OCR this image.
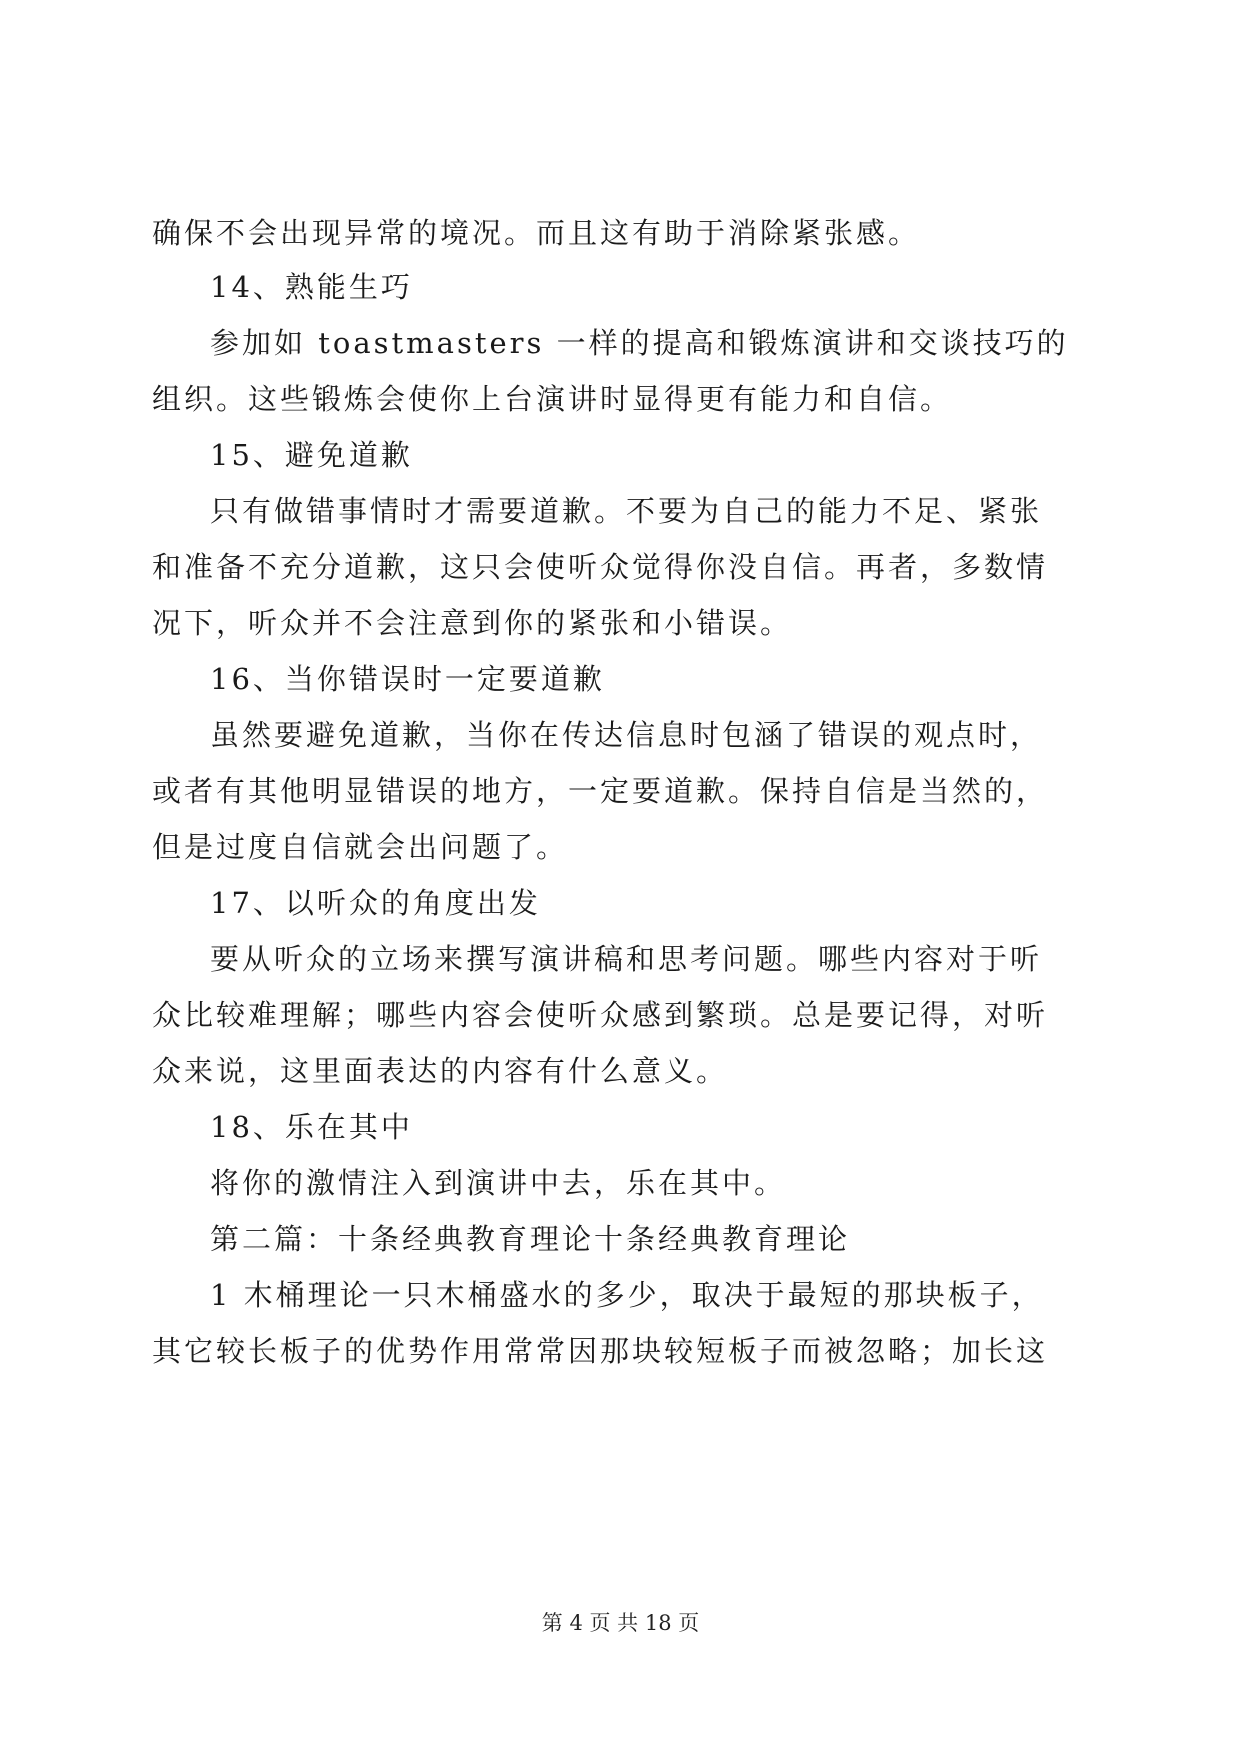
确保不会出现异常的境况。而且这有助于消除紧张感。
14、熟能生巧
参加如 toastmasters 一样的提高和锻炼演讲和交谈技巧的
组织。这些锻炼会使你上台演讲时显得更有能力和自信。
15、避免道歉
只有做错事情时才需要道歉。不要为自己的能力不足、紧张
和准备不充分道歉，这只会使听众觉得你没自信。再者，多数情
况下，听众并不会注意到你的紧张和小错误。
16、当你错误时一定要道歉
虽然要避免道歉，当你在传达信息时包涵了错误的观点时，
或者有其他明显错误的地方，一定要道歉。保持自信是当然的，
但是过度自信就会出问题了。
17、以听众的角度出发
要从听众的立场来撰写演讲稿和思考问题。哪些内容对于听
众比较难理解；哪些内容会使听众感到繁琐。总是要记得，对听
众来说，这里面表达的内容有什么意义。
18、乐在其中
将你的激情注入到演讲中去，乐在其中。
第二篇：十条经典教育理论十条经典教育理论
1 木桶理论一只木桶盛水的多少，取决于最短的那块板子，
其它较长板子的优势作用常常因那块较短板子而被忽略；加长这
第 4 页 共 18 页
